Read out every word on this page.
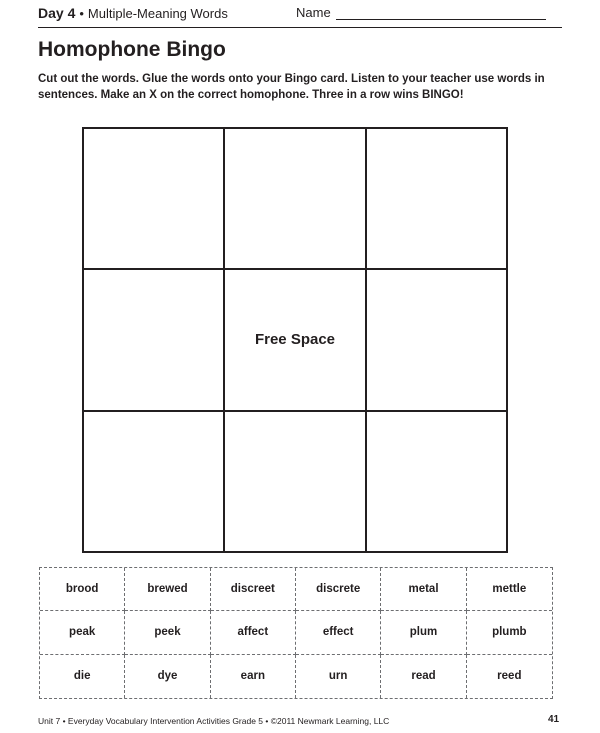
Day 4 • Multiple-Meaning Words	Name
Homophone Bingo

Cut out the words. Glue the words onto your Bingo card. Listen to your teacher use words in sentences. Make an X on the correct homophone. Three in a row wins BINGO!

Free Space
brood	brewed	discreet	discrete	metal	mettle
peak	peek	affect	effect	plum	plumb
die	dye	earn	urn	read	reed
Unit 7 • Everyday Vocabulary Intervention Activities Grade 5 • ©2011 Newmark Learning, LLC	41
